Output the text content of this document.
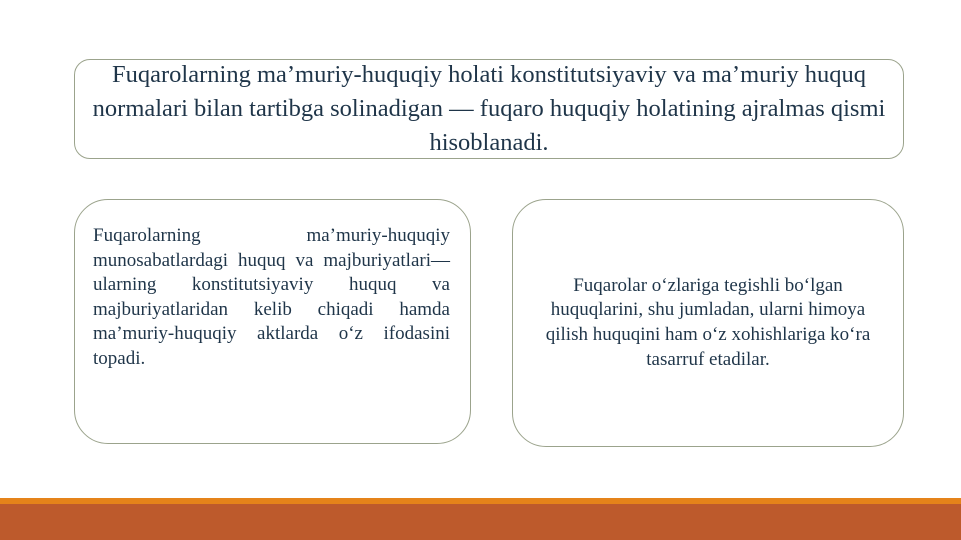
Fuqarolarning ma’muriy-huquqiy holati konstitutsiyaviy va ma’muriy huquq normalari bilan tartibga solinadigan — fuqaro huquqiy holatining ajralmas qismi hisoblanadi.
Fuqarolarning ma’muriy-huquqiy munosabatlardagi huquq va majburiyatlari—ularning konstitutsiyaviy huquq va majburiyatlaridan kelib chiqadi hamda ma’muriy-huquqiy aktlarda o‘z ifodasini topadi.
Fuqarolar o‘zlariga tegishli bo‘lgan huquqlarini, shu jumladan, ularni himoya qilish huquqini ham o‘z xohishlariga ko‘ra tasarruf etadilar.
